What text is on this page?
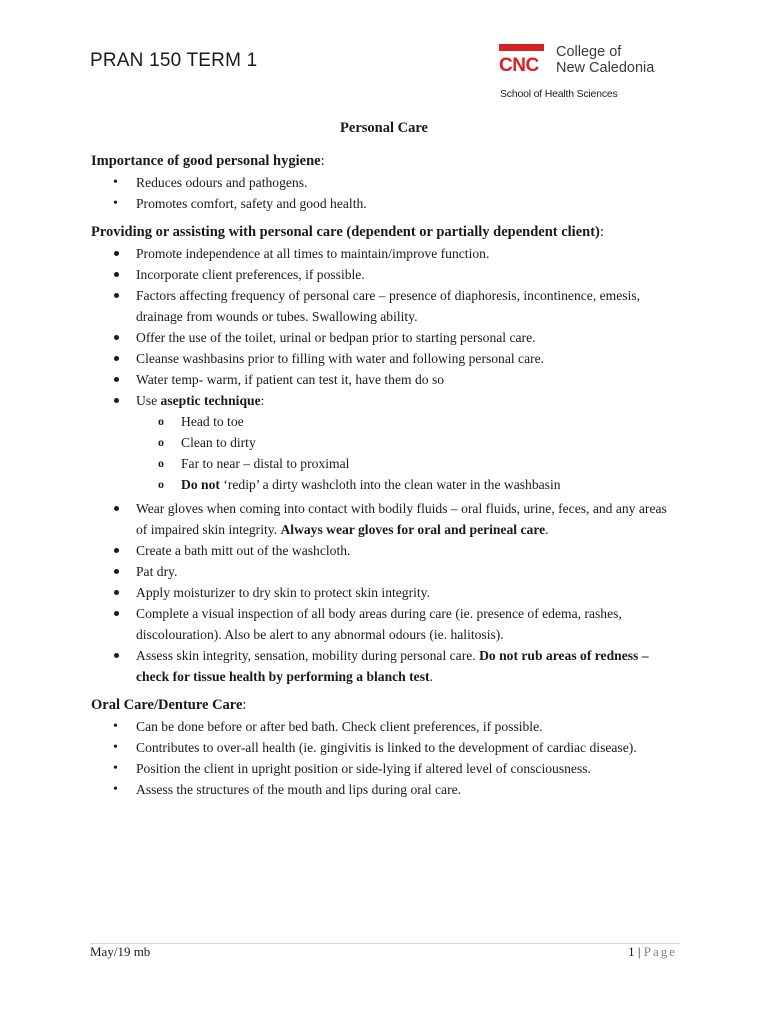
PRAN 150 TERM 1	CNC
College of
New Caledonia
School of Health Sciences
Personal Care

Importance of good personal hygiene:

• Reduces odours and pathogens.
• Promotes comfort, safety and good health.

Providing or assisting with personal care (dependent or partially dependent client):

Promote independence at all times to maintain/improve function.
Incorporate client preferences, if possible.
Factors affecting frequency of personal care – presence of diaphoresis, incontinence, emesis, drainage from wounds or tubes. Swallowing ability.
Offer the use of the toilet, urinal or bedpan prior to starting personal care.
Cleanse washbasins prior to filling with water and following personal care.
Water temp- warm, if patient can test it, have them do so
Use aseptic technique:
o Head to toe
o Clean to dirty
o Far to near – distal to proximal
o Do not ‘redip’ a dirty washcloth into the clean water in the washbasin
Wear gloves when coming into contact with bodily fluids – oral fluids, urine, feces, and any areas of impaired skin integrity. Always wear gloves for oral and perineal care.
Create a bath mitt out of the washcloth.
Pat dry.
Apply moisturizer to dry skin to protect skin integrity.
Complete a visual inspection of all body areas during care (ie. presence of edema, rashes, discolouration). Also be alert to any abnormal odours (ie. halitosis).
Assess skin integrity, sensation, mobility during personal care. Do not rub areas of redness – check for tissue health by performing a blanch test.

Oral Care/Denture Care:

• Can be done before or after bed bath. Check client preferences, if possible.
• Contributes to over-all health (ie. gingivitis is linked to the development of cardiac disease).
• Position the client in upright position or side-lying if altered level of consciousness.
• Assess the structures of the mouth and lips during oral care.
May/19 mb	1 | Page
